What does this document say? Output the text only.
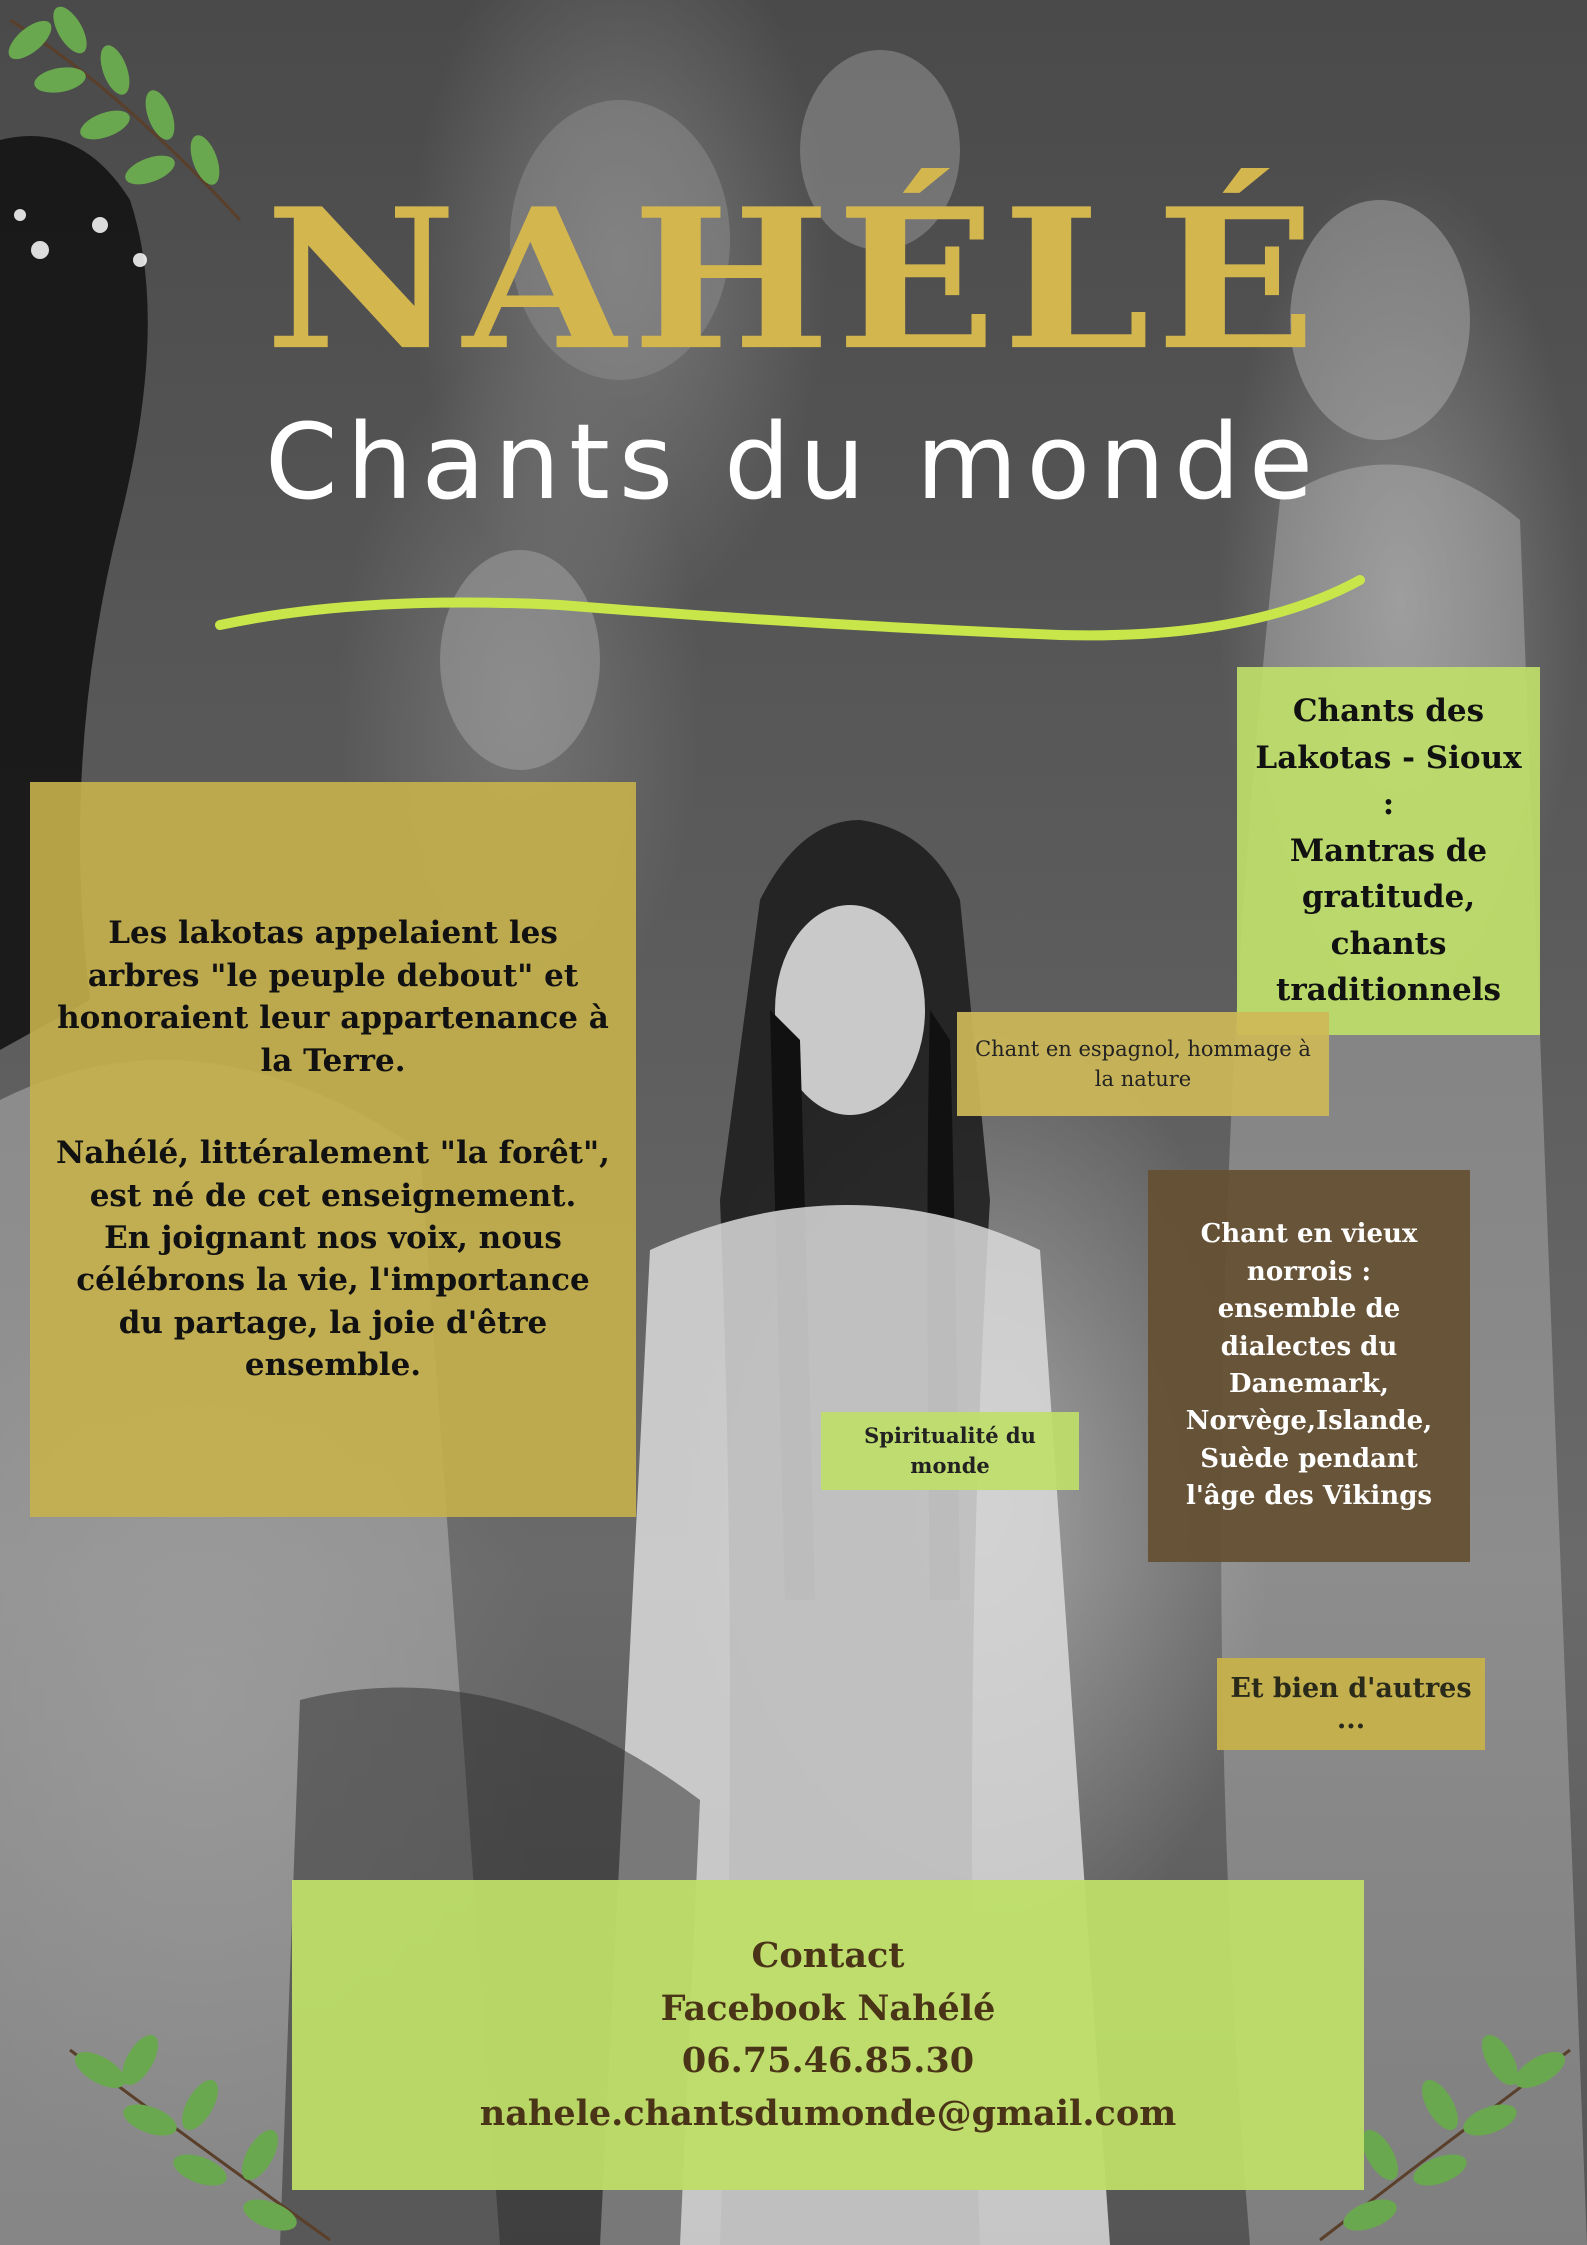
NAHÉLÉ
Chants du monde
Les lakotas appelaient les arbres "le peuple debout" et honoraient leur appartenance à la Terre.
Nahélé, littéralement "la forêt", est né de cet enseignement.
En joignant nos voix, nous célébrons la vie, l'importance du partage, la joie d'être ensemble.
Chants des Lakotas - Sioux :
Mantras de gratitude,
chants traditionnels
Chant en espagnol, hommage à la nature
Chant en vieux norrois :
ensemble de dialectes du Danemark, Norvège,Islande, Suède pendant l'âge des Vikings
Spiritualité du monde
Et bien d'autres ...
Contact
Facebook Nahélé
06.75.46.85.30
nahele.chantsdumonde@gmail.com
